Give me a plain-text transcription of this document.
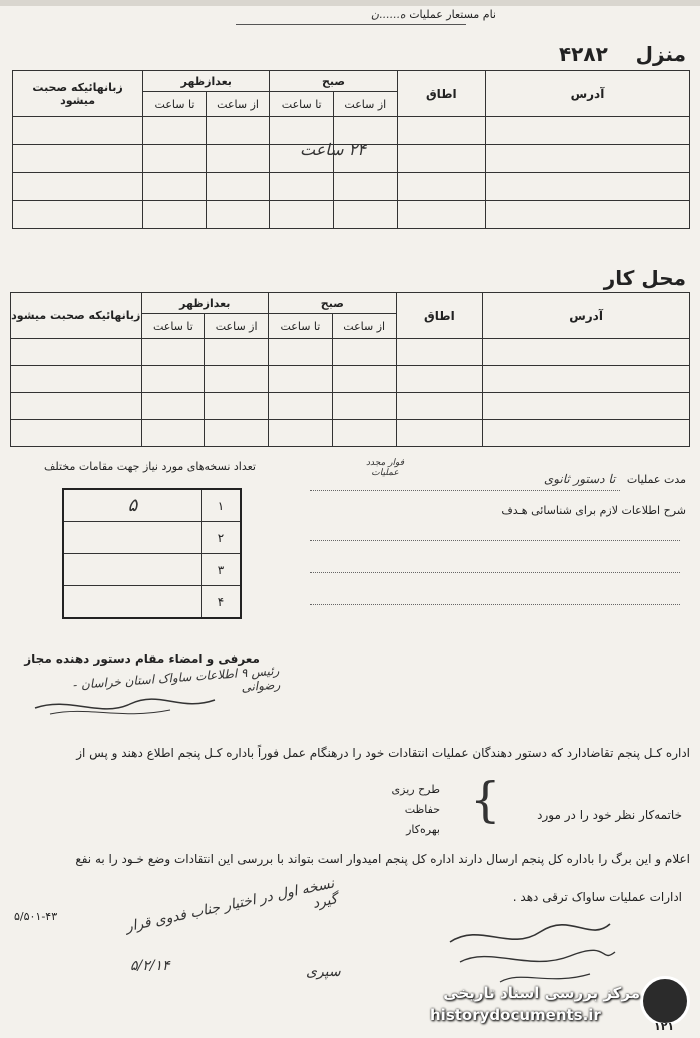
نام مستعار عملیات ه......ن
منزل    ۴۲۸۲
آدرس	اطاق	صبح		بعدازظهر		زبانهائیکه صحبت میشود
		از ساعت	تا ساعت	از ساعت	تا ساعت	

۲۴ ساعت
محل کار
آدرس	اطاق	صبح		بعدازظهر		زبانهائیکه صحبت میشود
		از ساعت	تا ساعت	از ساعت	تا ساعت	

تعداد نسخه‌های مورد نیاز جهت مقامات مختلف
مدت عملیات تا دستور ثانوی
فوار مجدد عملیات
شرح اطلاعات لازم برای شناسائی هـدف
۱	۵
۲	
۳	
۴	
معرفی و امضاء مقام دستور دهنده مجاز
رئیس ۹ اطلاعات ساواک استان خراسان - رضوانی
اداره کـل پنجم تقاضادارد که دستور دهندگان عملیات انتقادات خود را درهنگام عمل فوراً باداره کـل پنجم اطلاع دهند و پس از
طرح ریزی
حفاظت
بهره‌کار
{	خاتمه‌کار نظر خود را در مورد
اعلام و این برگ را باداره کل پنجم ارسال دارند اداره کل پنجم امیدوار است بتواند با بررسی این انتقادات وضع خـود را به نفع
ادارات عملیات ساواک ترقی دهد .
۵/۵۰۱-۴۳	نسخه اول در اختیار جناب فدوی قرار گیرد
۵/۲/۱۴	سپری
مرکز بررسی اسناد تاریخی
historydocuments.ir
۱۲۱
